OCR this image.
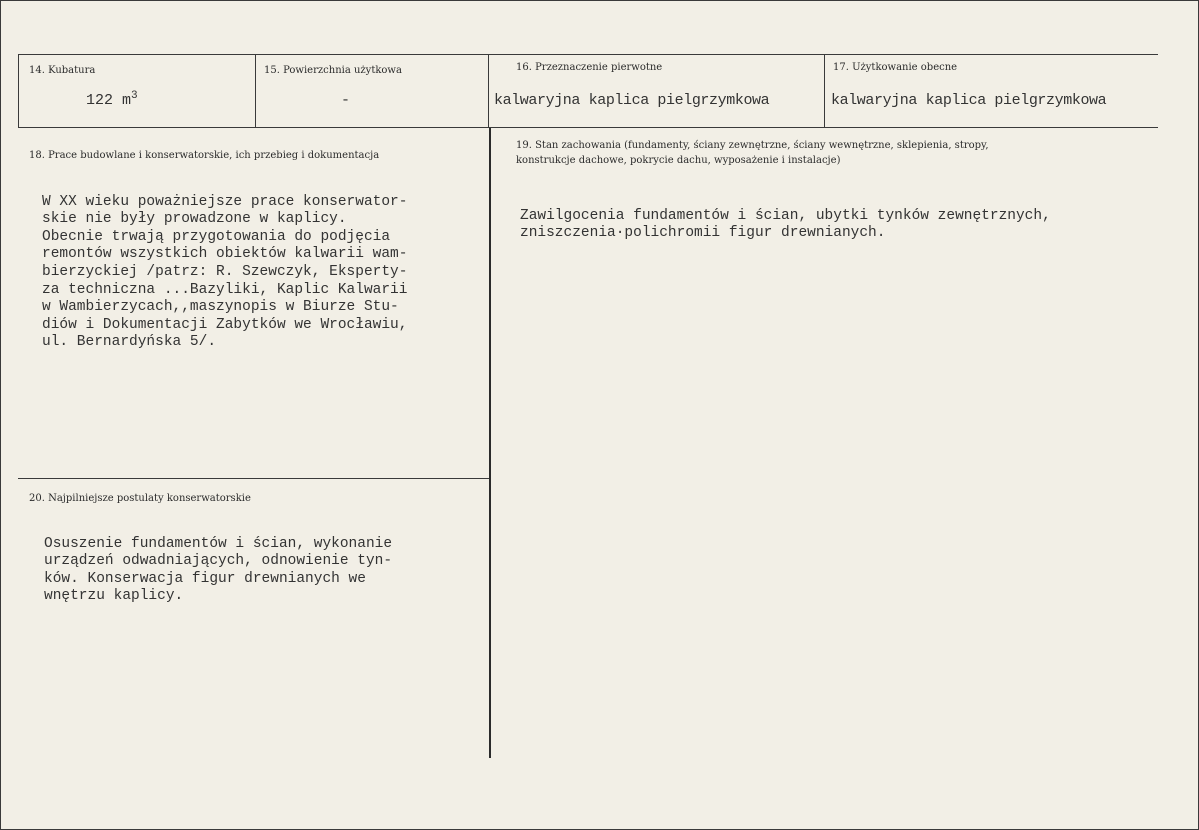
14. Kubatura
122 $m^3$
15. Powierzchnia użytkowa
-
16. Przeznaczenie pierwotne
kalwaryjna kaplica pielgrzymkowa
17. Użytkowanie obecne
kalwaryjna kaplica pielgrzymkowa
18. Prace budowlane i konserwatorskie, ich przebieg i dokumentacja

W XX wieku poważniejsze prace konserwator-
skie nie były prowadzone w kaplicy.
Obecnie trwają przygotowania do podjęcia
remontów wszystkich obiektów kalwarii wam-
bierzyckiej /patrz: R. Szewczyk, Eksperty-
za techniczna ...Bazyliki, Kaplic Kalwarii
w Wambierzycach,,maszynopis w Biurze Stu-
diów i Dokumentacji Zabytków we Wrocławiu,
ul. Bernardyńska 5/.

19. Stan zachowania (fundamenty, ściany zewnętrzne, ściany wewnętrzne, sklepienia, stropy,
konstrukcje dachowe, pokrycie dachu, wyposażenie i instalacje)

Zawilgocenia fundamentów i ścian, ubytki tynków zewnętrznych,
zniszczenia·polichromii figur drewnianych.

20. Najpilniejsze postulaty konserwatorskie

Osuszenie fundamentów i ścian, wykonanie
urządzeń odwadniających, odnowienie tyn-
ków. Konserwacja figur drewnianych we
wnętrzu kaplicy.
